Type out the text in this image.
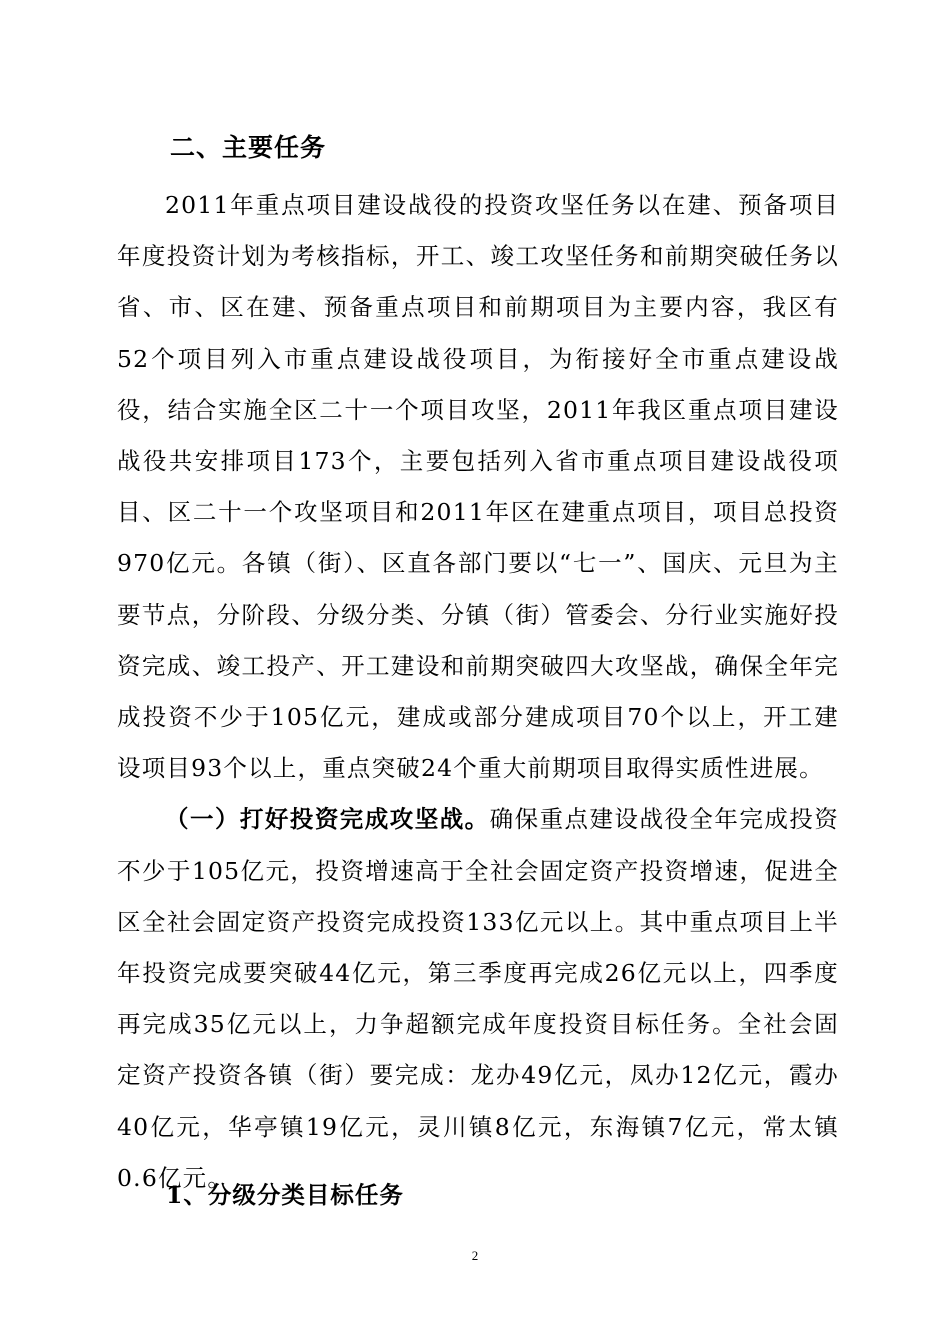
二、主要任务

2011年重点项目建设战役的投资攻坚任务以在建、预备项目年度投资计划为考核指标，开工、竣工攻坚任务和前期突破任务以省、市、区在建、预备重点项目和前期项目为主要内容，我区有52个项目列入市重点建设战役项目，为衔接好全市重点建设战役，结合实施全区二十一个项目攻坚，2011年我区重点项目建设战役共安排项目173个，主要包括列入省市重点项目建设战役项目、区二十一个攻坚项目和2011年区在建重点项目，项目总投资970亿元。各镇（街）、区直各部门要以“七一”、国庆、元旦为主要节点，分阶段、分级分类、分镇（街）管委会、分行业实施好投资完成、竣工投产、开工建设和前期突破四大攻坚战，确保全年完成投资不少于105亿元，建成或部分建成项目70个以上，开工建设项目93个以上，重点突破24个重大前期项目取得实质性进展。

（一）打好投资完成攻坚战。确保重点建设战役全年完成投资不少于105亿元，投资增速高于全社会固定资产投资增速，促进全区全社会固定资产投资完成投资133亿元以上。其中重点项目上半年投资完成要突破44亿元，第三季度再完成26亿元以上，四季度再完成35亿元以上，力争超额完成年度投资目标任务。全社会固定资产投资各镇（街）要完成：龙办49亿元，凤办12亿元，霞办40亿元，华亭镇19亿元，灵川镇8亿元，东海镇7亿元，常太镇0.6亿元。

1、分级分类目标任务
2
